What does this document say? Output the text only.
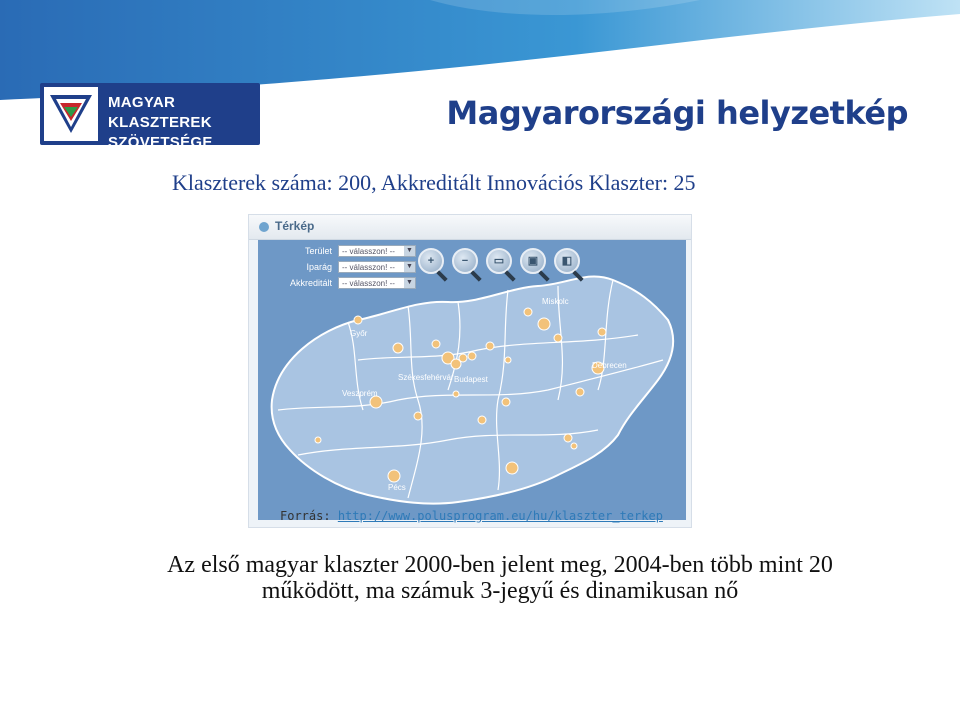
MAGYAR KLASZTEREK
SZÖVETSÉGE
Magyarországi helyzetkép
Klaszterek száma: 200, Akkreditált Innovációs Klaszter: 25
Térkép
Győr
Miskolc
Budapest
Debrecen
Székesfehérvár
Veszprém
Pécs
Terület	-- válasszon! -- ▼
Iparág	-- válasszon! -- ▼
Akkreditált	-- válasszon! -- ▼
+	−	▭	▣	◧
Forrás: http://www.polusprogram.eu/hu/klaszter_terkep
Az első magyar klaszter 2000-ben jelent meg, 2004-ben több mint 20
működött, ma számuk 3-jegyű és dinamikusan nő
